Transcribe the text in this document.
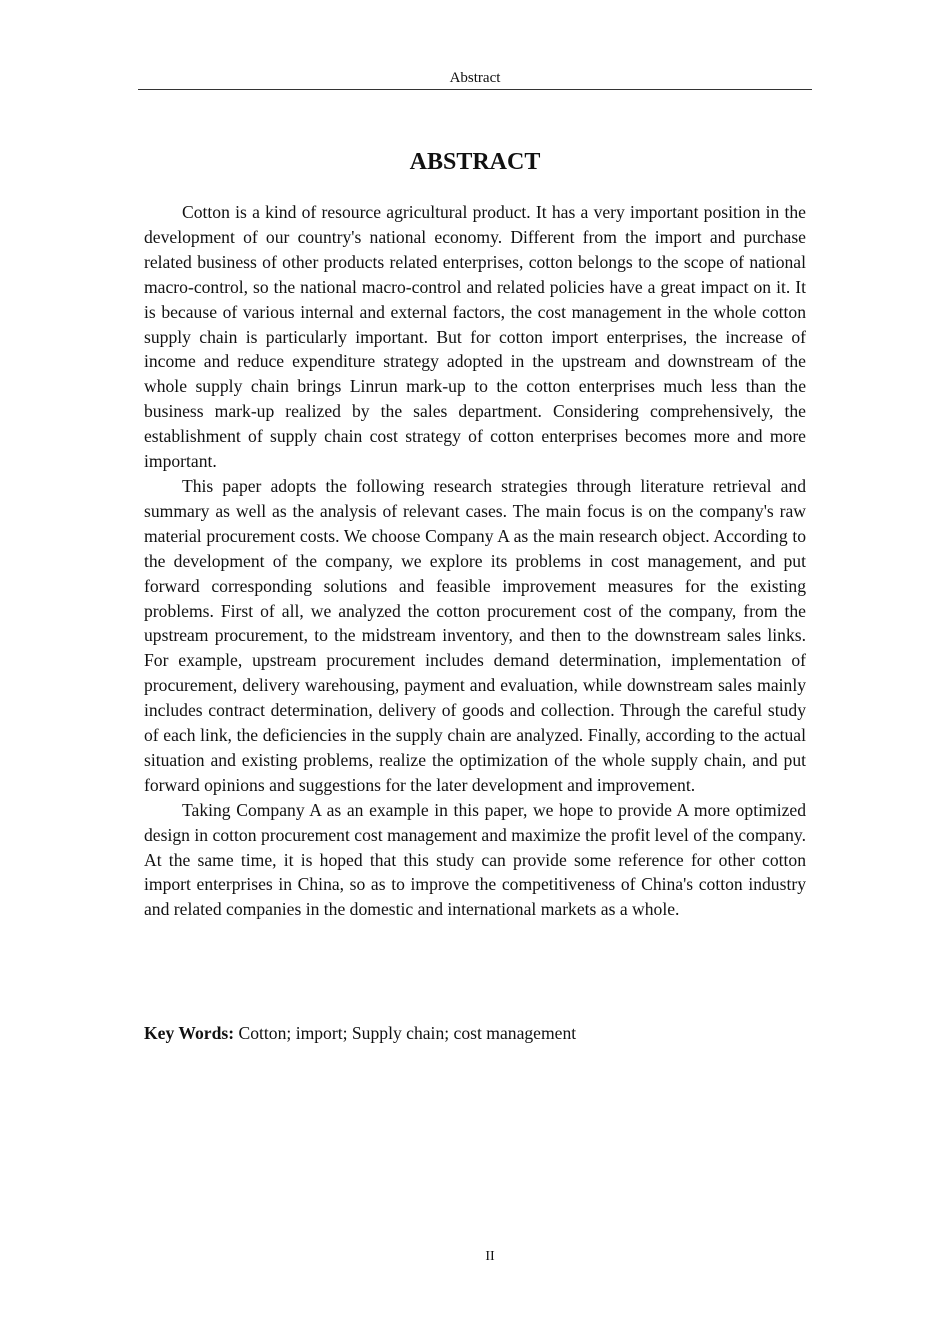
Abstract
ABSTRACT

Cotton is a kind of resource agricultural product. It has a very important position in the development of our country's national economy. Different from the import and purchase related business of other products related enterprises, cotton belongs to the scope of national macro-control, so the national macro-control and related policies have a great impact on it. It is because of various internal and external factors, the cost management in the whole cotton supply chain is particularly important. But for cotton import enterprises, the increase of income and reduce expenditure strategy adopted in the upstream and downstream of the whole supply chain brings Linrun mark-up to the cotton enterprises much less than the business mark-up realized by the sales department. Considering comprehensively, the establishment of supply chain cost strategy of cotton enterprises becomes more and more important.

This paper adopts the following research strategies through literature retrieval and summary as well as the analysis of relevant cases. The main focus is on the company's raw material procurement costs. We choose Company A as the main research object. According to the development of the company, we explore its problems in cost management, and put forward corresponding solutions and feasible improvement measures for the existing problems. First of all, we analyzed the cotton procurement cost of the company, from the upstream procurement, to the midstream inventory, and then to the downstream sales links. For example, upstream procurement includes demand determination, implementation of procurement, delivery warehousing, payment and evaluation, while downstream sales mainly includes contract determination, delivery of goods and collection. Through the careful study of each link, the deficiencies in the supply chain are analyzed. Finally, according to the actual situation and existing problems, realize the optimization of the whole supply chain, and put forward opinions and suggestions for the later development and improvement.

Taking Company A as an example in this paper, we hope to provide A more optimized design in cotton procurement cost management and maximize the profit level of the company. At the same time, it is hoped that this study can provide some reference for other cotton import enterprises in China, so as to improve the competitiveness of China's cotton industry and related companies in the domestic and international markets as a whole.

Key Words: Cotton; import; Supply chain; cost management
II
